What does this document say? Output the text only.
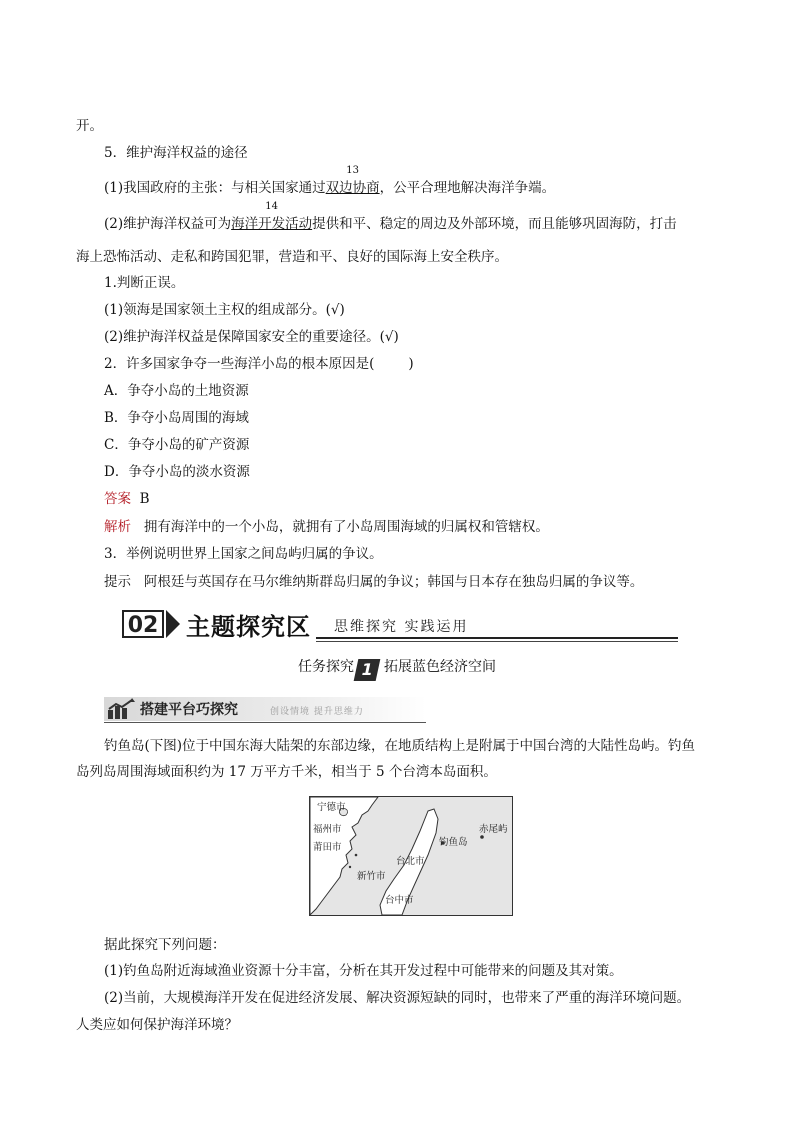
开。
5．维护海洋权益的途径
(1)我国政府的主张：与相关国家通过
13
双边协商，公平合理地解决海洋争端。
(2)维护海洋权益可为
14
海洋开发活动提供和平、稳定的周边及外部环境，而且能够巩固海防，打击
海上恐怖活动、走私和跨国犯罪，营造和平、良好的国际海上安全秩序。
1.判断正误。
(1)领海是国家领土主权的组成部分。(√)
(2)维护海洋权益是保障国家安全的重要途径。(√)
2．许多国家争夺一些海洋小岛的根本原因是(	)
A．争夺小岛的土地资源
B．争夺小岛周围的海域
C．争夺小岛的矿产资源
D．争夺小岛的淡水资源
答案 B
解析 拥有海洋中的一个小岛，就拥有了小岛周围海域的归属权和管辖权。
3．举例说明世界上国家之间岛屿归属的争议。
提示 阿根廷与英国存在马尔维纳斯群岛归属的争议；韩国与日本存在独岛归属的争议等。
02 主题探究区 思维探究 实践运用
任务探究 1 拓展蓝色经济空间
搭建平台巧探究	创设情境 提升思维力
钓鱼岛(下图)位于中国东海大陆架的东部边缘，在地质结构上是附属于中国台湾的大陆性岛屿。钓鱼
岛列岛周围海域面积约为 17 万平方千米，相当于 5 个台湾本岛面积。
宁德市
福州市
莆田市
台北市
新竹市
台中市
钓鱼岛
赤尾屿
据此探究下列问题：
(1)钓鱼岛附近海域渔业资源十分丰富，分析在其开发过程中可能带来的问题及其对策。
(2)当前，大规模海洋开发在促进经济发展、解决资源短缺的同时，也带来了严重的海洋环境问题。
人类应如何保护海洋环境？
